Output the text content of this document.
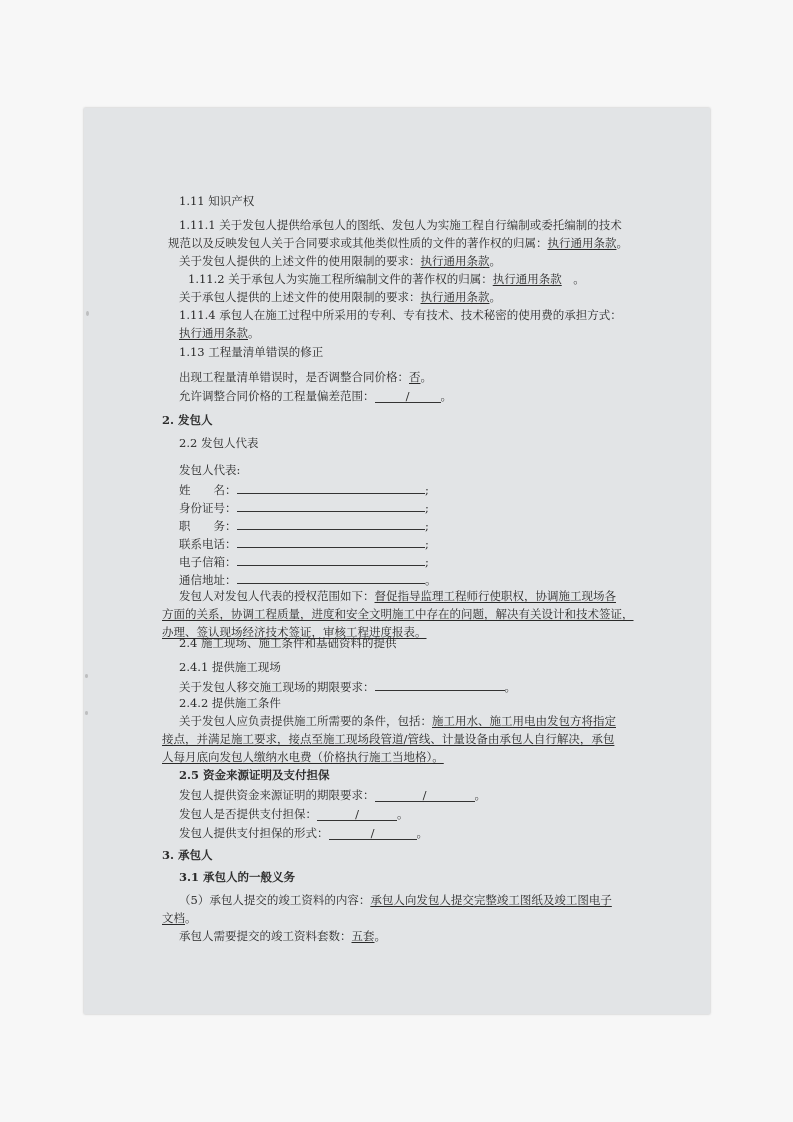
1.11 知识产权
1.11.1 关于发包人提供给承包人的图纸、发包人为实施工程自行编制或委托编制的技术
规范以及反映发包人关于合同要求或其他类似性质的文件的著作权的归属：执行通用条款。
关于发包人提供的上述文件的使用限制的要求：执行通用条款。
1.11.2 关于承包人为实施工程所编制文件的著作权的归属：执行通用条款　。
关于承包人提供的上述文件的使用限制的要求：执行通用条款。
1.11.4 承包人在施工过程中所采用的专利、专有技术、技术秘密的使用费的承担方式：
执行通用条款。
1.13 工程量清单错误的修正
出现工程量清单错误时，是否调整合同价格：否。
允许调整合同价格的工程量偏差范围：	/	。
2. 发包人
2.2 发包人代表
发包人代表:
姓　　名：	;
身份证号：	;
职　　务：	;
联系电话：	;
电子信箱：	;
通信地址：	。
发包人对发包人代表的授权范围如下：督促指导监理工程师行使职权，协调施工现场各
方面的关系，协调工程质量，进度和安全文明施工中存在的问题，解决有关设计和技术签证，
办理、签认现场经济技术签证，审核工程进度报表。
2.4 施工现场、施工条件和基础资料的提供
2.4.1 提供施工现场
关于发包人移交施工现场的期限要求：	。
2.4.2 提供施工条件
关于发包人应负责提供施工所需要的条件，包括：施工用水、施工用电由发包方将指定
接点，并满足施工要求，接点至施工现场段管道/管线、计量设备由承包人自行解决，承包
人每月底向发包人缴纳水电费（价格执行施工当地格）。
2.5 资金来源证明及支付担保
发包人提供资金来源证明的期限要求：	/	。
发包人是否提供支付担保：	/	。
发包人提供支付担保的形式：	/	。
3. 承包人
3.1 承包人的一般义务
（5）承包人提交的竣工资料的内容：承包人向发包人提交完整竣工图纸及竣工图电子
文档。
承包人需要提交的竣工资料套数：五套。
